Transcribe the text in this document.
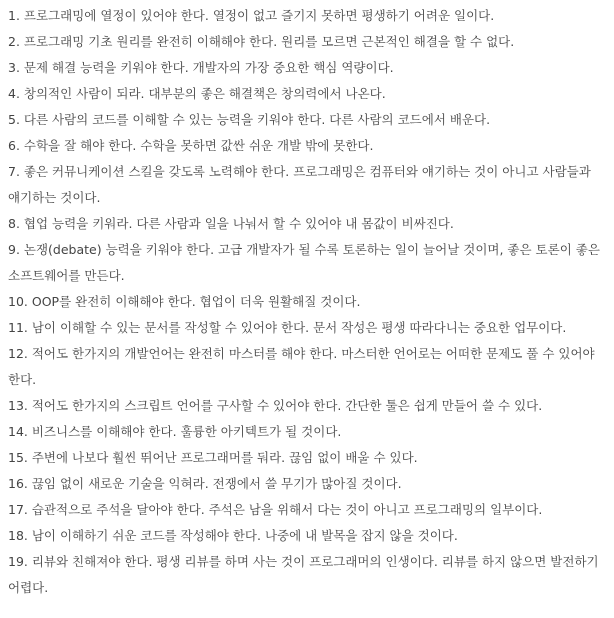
1. 프로그래밍에 열정이 있어야 한다. 열정이 없고 즐기지 못하면 평생하기 어려운 일이다.

2. 프로그래밍 기초 원리를 완전히 이해해야 한다. 원리를 모르면 근본적인 해결을 할 수 없다.

3. 문제 해결 능력을 키워야 한다. 개발자의 가장 중요한 핵심 역량이다.

4. 창의적인 사람이 되라. 대부분의 좋은 해결책은 창의력에서 나온다.

5. 다른 사람의 코드를 이해할 수 있는 능력을 키워야 한다. 다른 사람의 코드에서 배운다.

6. 수학을 잘 해야 한다. 수학을 못하면 값싼 쉬운 개발 밖에 못한다.

7. 좋은 커뮤니케이션 스킬을 갖도록 노력해야 한다. 프로그래밍은 컴퓨터와 얘기하는 것이 아니고 사람들과 얘기하는 것이다.

8. 협업 능력을 키워라. 다른 사람과 일을 나눠서 할 수 있어야 내 몸값이 비싸진다.

9. 논쟁(debate) 능력을 키워야 한다. 고급 개발자가 될 수록 토론하는 일이 늘어날 것이며, 좋은 토론이 좋은 소프트웨어를 만든다.

10. OOP를 완전히 이해해야 한다. 협업이 더욱 원활해질 것이다.

11. 남이 이해할 수 있는 문서를 작성할 수 있어야 한다. 문서 작성은 평생 따라다니는 중요한 업무이다.

12. 적어도 한가지의 개발언어는 완전히 마스터를 해야 한다. 마스터한 언어로는 어떠한 문제도 풀 수 있어야 한다.

13. 적어도 한가지의 스크립트 언어를 구사할 수 있어야 한다. 간단한 툴은 쉽게 만들어 쓸 수 있다.

14. 비즈니스를 이해해야 한다. 훌륭한 아키텍트가 될 것이다.

15. 주변에 나보다 훨씬 뛰어난 프로그래머를 둬라. 끊임 없이 배울 수 있다.

16. 끊임 없이 새로운 기술을 익혀라. 전쟁에서 쓸 무기가 많아질 것이다.

17. 습관적으로 주석을 달아야 한다. 주석은 남을 위해서 다는 것이 아니고 프로그래밍의 일부이다.

18. 남이 이해하기 쉬운 코드를 작성해야 한다. 나중에 내 발목을 잡지 않을 것이다.

19. 리뷰와 친해져야 한다. 평생 리뷰를 하며 사는 것이 프로그래머의 인생이다. 리뷰를 하지 않으면 발전하기 어렵다.
